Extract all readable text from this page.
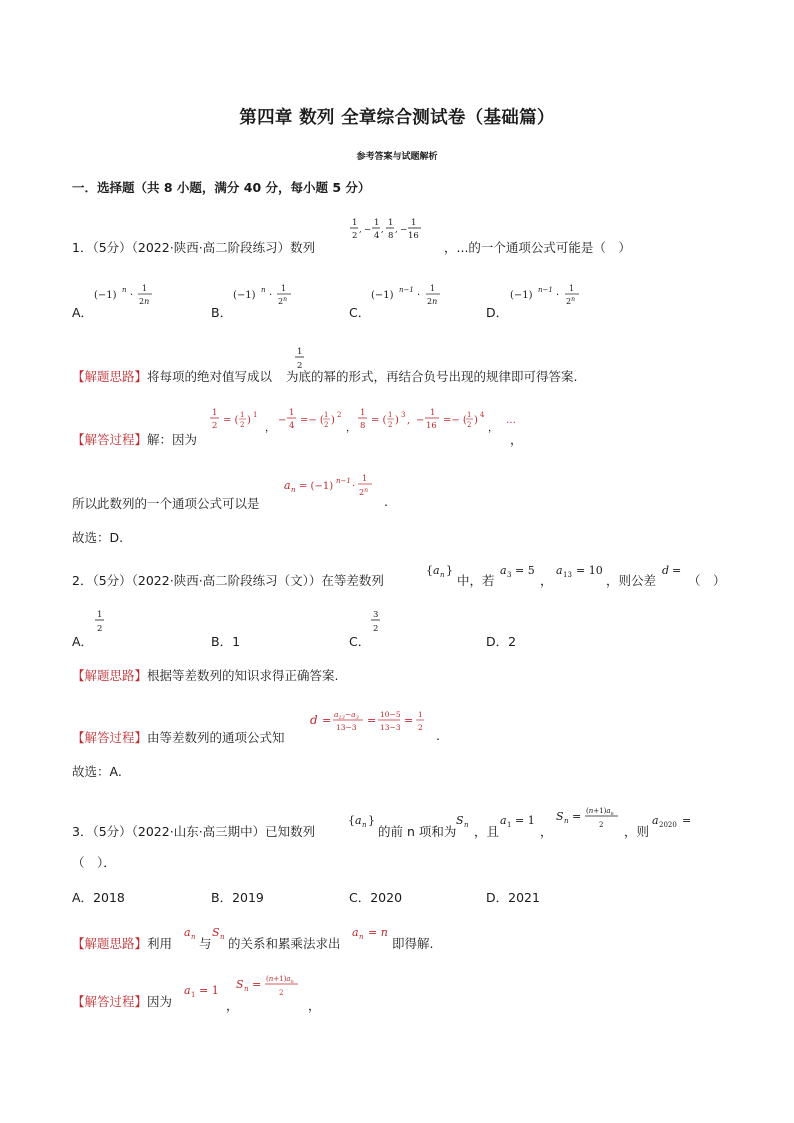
第四章 数列 全章综合测试卷（基础篇）
参考答案与试题解析
一．选择题（共 8 小题，满分 40 分，每小题 5 分）
1．（5分）（2022·陕西·高二阶段练习）数列
1
2
, −
1
4
,
1
8
, −
1
16
，...的一个通项公式可能是（　）
A．
(−1) n ·
1
2n
B．
(−1) n ·
1
2$^n$
C．
(−1) n−1 ·
1
2n
D．
(−1) n−1 ·
1
2$^n$
【解题思路】将每项的绝对值写成以 为底的幂的形式，再结合负号出现的规律即可得答案.
1
2
【解答过程】解：因为
1
2 = ( 1
2 ) 1
，
−
1
4 =− ( 1
2 ) 2
，
1
8 = ( 1
2 ) 3 , −
1
16 =− ( 1
2 ) 4
，
…
，
所以此数列的一个通项公式可以是
a n = (−1) n−1 ·
1
2$^n$
.
故选：D.
2．（5分）（2022·陕西·高二阶段练习（文））在等差数列
{ a n }
中，若
a 3 = 5
，
a 13 = 10
，则公差
d =
（　）
A．
1
2
B．1	C．
3
2
D．2
【解题思路】根据等差数列的知识求得正确答案.
【解答过程】由等差数列的通项公式知
$d = a_{13}-a_3$
13−3
= 10−5
13−3
= 1
2
.
故选：A.
3．（5分）（2022·山东·高三期中）已知数列
{ a n }
的前 n 项和为
S n ，且
a 1 = 1
，
S $n = (n+1)a_n$
2 ，则
a 2020 =
（　）．
A．2018	B．2019	C．2020	D．2021
【解题思路】利用
a n 与
S n 的关系和累乘法求出
a n = n
即得解.
【解答过程】因为
a 1 = 1
，
S $n = (n+1)a_n$
2
，
